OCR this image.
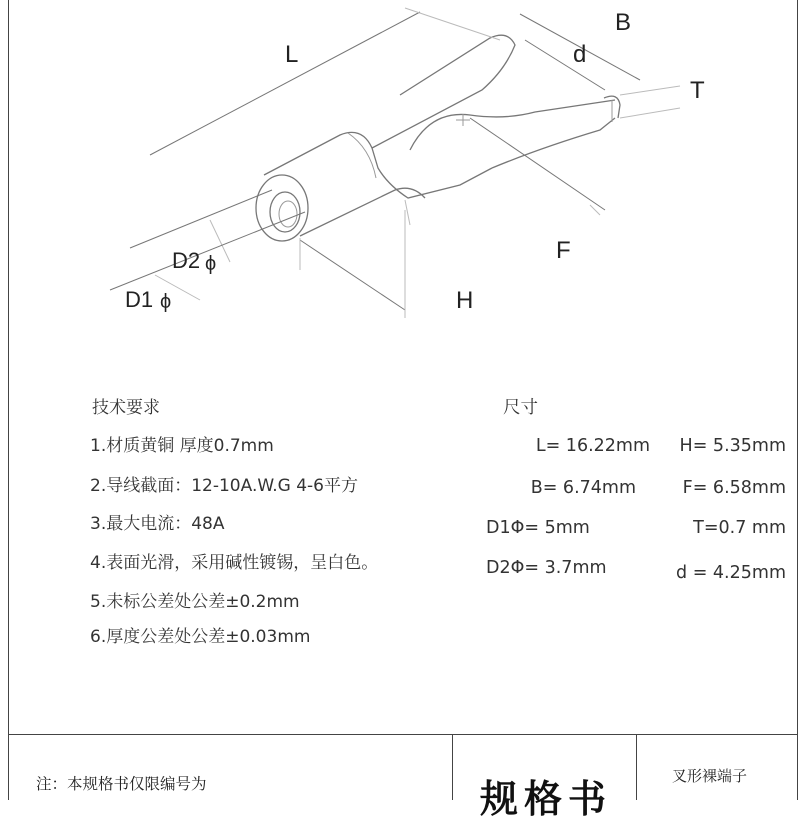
L
B
d
T
F
H
D2 ϕ
D1 ϕ
技术要求
1.材质黄铜 厚度0.7mm
2.导线截面：12-10A.W.G 4-6平方
3.最大电流：48A
4.表面光滑，采用碱性镀锡，呈白色。
5.未标公差处公差±0.2mm
6.厚度公差处公差±0.03mm
尺寸
L= 16.22mm	H= 5.35mm
B= 6.74mm	F= 6.58mm
D1Φ= 5mm	T=0.7 mm
D2Φ= 3.7mm	d = 4.25mm
注：本规格书仅限编号为	规格书
叉形裸端子
